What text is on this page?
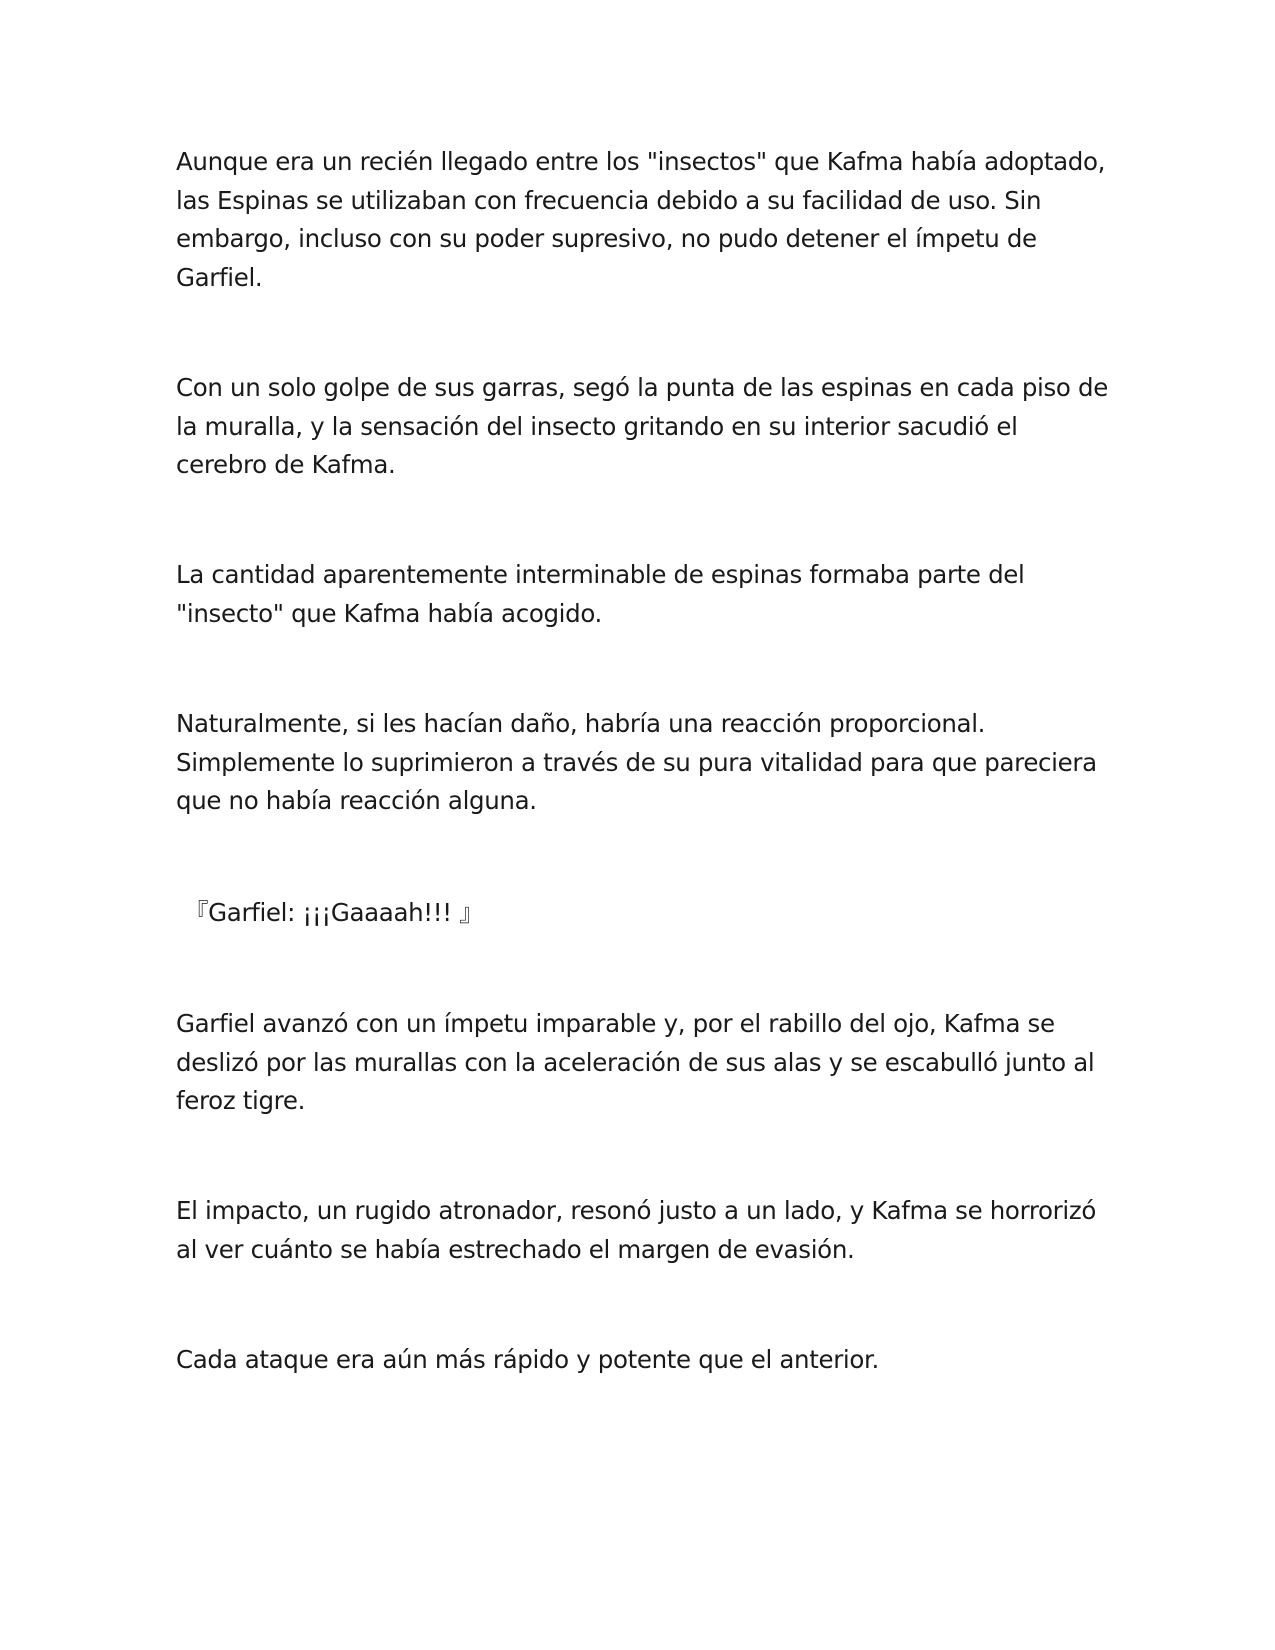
Aunque era un recién llegado entre los "insectos" que Kafma había adoptado,
las Espinas se utilizaban con frecuencia debido a su facilidad de uso. Sin
embargo, incluso con su poder supresivo, no pudo detener el ímpetu de
Garfiel.
Con un solo golpe de sus garras, segó la punta de las espinas en cada piso de
la muralla, y la sensación del insecto gritando en su interior sacudió el
cerebro de Kafma.
La cantidad aparentemente interminable de espinas formaba parte del
"insecto" que Kafma había acogido.
Naturalmente, si les hacían daño, habría una reacción proporcional.
Simplemente lo suprimieron a través de su pura vitalidad para que pareciera
que no había reacción alguna.
『Garfiel: ¡¡¡Gaaaah!!! 』
Garfiel avanzó con un ímpetu imparable y, por el rabillo del ojo, Kafma se
deslizó por las murallas con la aceleración de sus alas y se escabulló junto al
feroz tigre.
El impacto, un rugido atronador, resonó justo a un lado, y Kafma se horrorizó
al ver cuánto se había estrechado el margen de evasión.
Cada ataque era aún más rápido y potente que el anterior.
